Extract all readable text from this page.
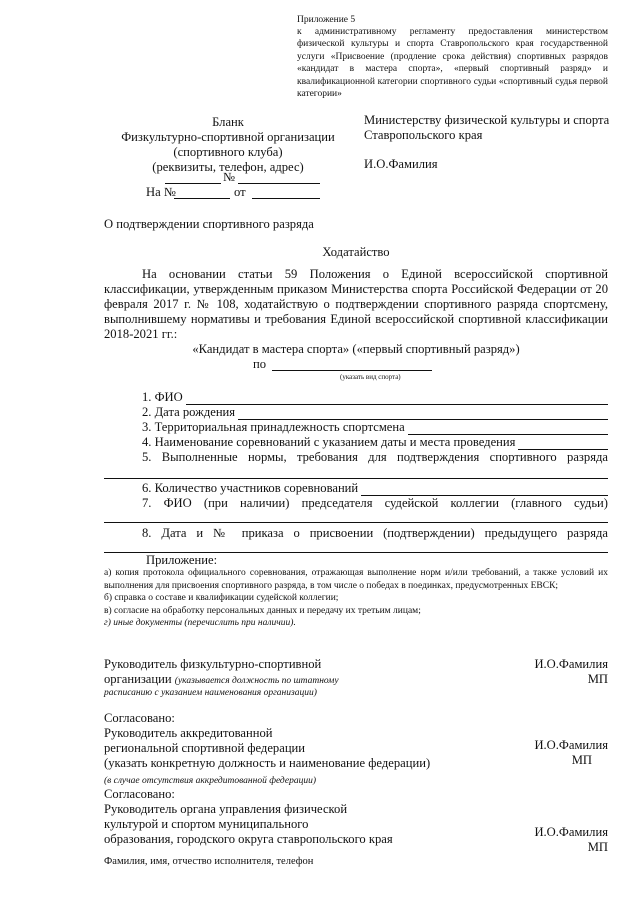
Приложение 5
к административному регламенту предоставления министерством физической культуры и спорта Ставропольского края государственной услуги «Присвоение (продление срока действия) спортивных разрядов «кандидат в мастера спорта», «первый спортивный разряд» и квалификационной категории спортивного судьи «спортивный судья первой категории»
Бланк
Физкультурно-спортивной организации
(спортивного клуба)
(реквизиты, телефон, адрес)
№
На №	от
Министерству физической культуры и спорта
Ставропольского края
И.О.Фамилия
О подтверждении спортивного разряда
Ходатайство
На основании статьи 59 Положения о Единой всероссийской спортивной классификации, утвержденным приказом Министерства спорта Российской Федерации от 20 февраля 2017 г. № 108, ходатайствую о подтверждении спортивного разряда спортсмену, выполнившему нормативы и требования Единой всероссийской спортивной классификации 2018-2021 гг.:
«Кандидат в мастера спорта» («первый спортивный разряд»)
по
(указать вид спорта)
1. ФИО
2. Дата рождения
3. Территориальная принадлежность спортсмена
4. Наименование соревнований с указанием даты и места проведения
5. Выполненные нормы, требования для подтверждения спортивного разряда
6. Количество участников соревнований
7. ФИО (при наличии) председателя судейской коллегии (главного судьи)
8. Дата и № приказа о присвоении (подтверждении) предыдущего разряда
Приложение:
а) копия протокола официального соревнования, отражающая выполнение норм и/или требований, а также условий их выполнения для присвоения спортивного разряда, в том числе о победах в поединках, предусмотренных ЕВСК;
б) справка о составе и квалификации судейской коллегии;
в) согласие на обработку персональных данных и передачу их третьим лицам;
г) иные документы (перечислить при наличии).
Руководитель физкультурно-спортивной
организации (указывается должность по штатному
расписанию с указанием наименования организации)
И.О.Фамилия
МП
Согласовано:
Руководитель аккредитованной
региональной спортивной федерации
(указать конкретную должность и наименование федерации)
И.О.Фамилия
МП
(в случае отсутствия аккредитованной федерации)
Согласовано:
Руководитель органа управления физической
культурой и спортом муниципального
образования, городского округа ставропольского края
И.О.Фамилия
МП
Фамилия, имя, отчество исполнителя, телефон
